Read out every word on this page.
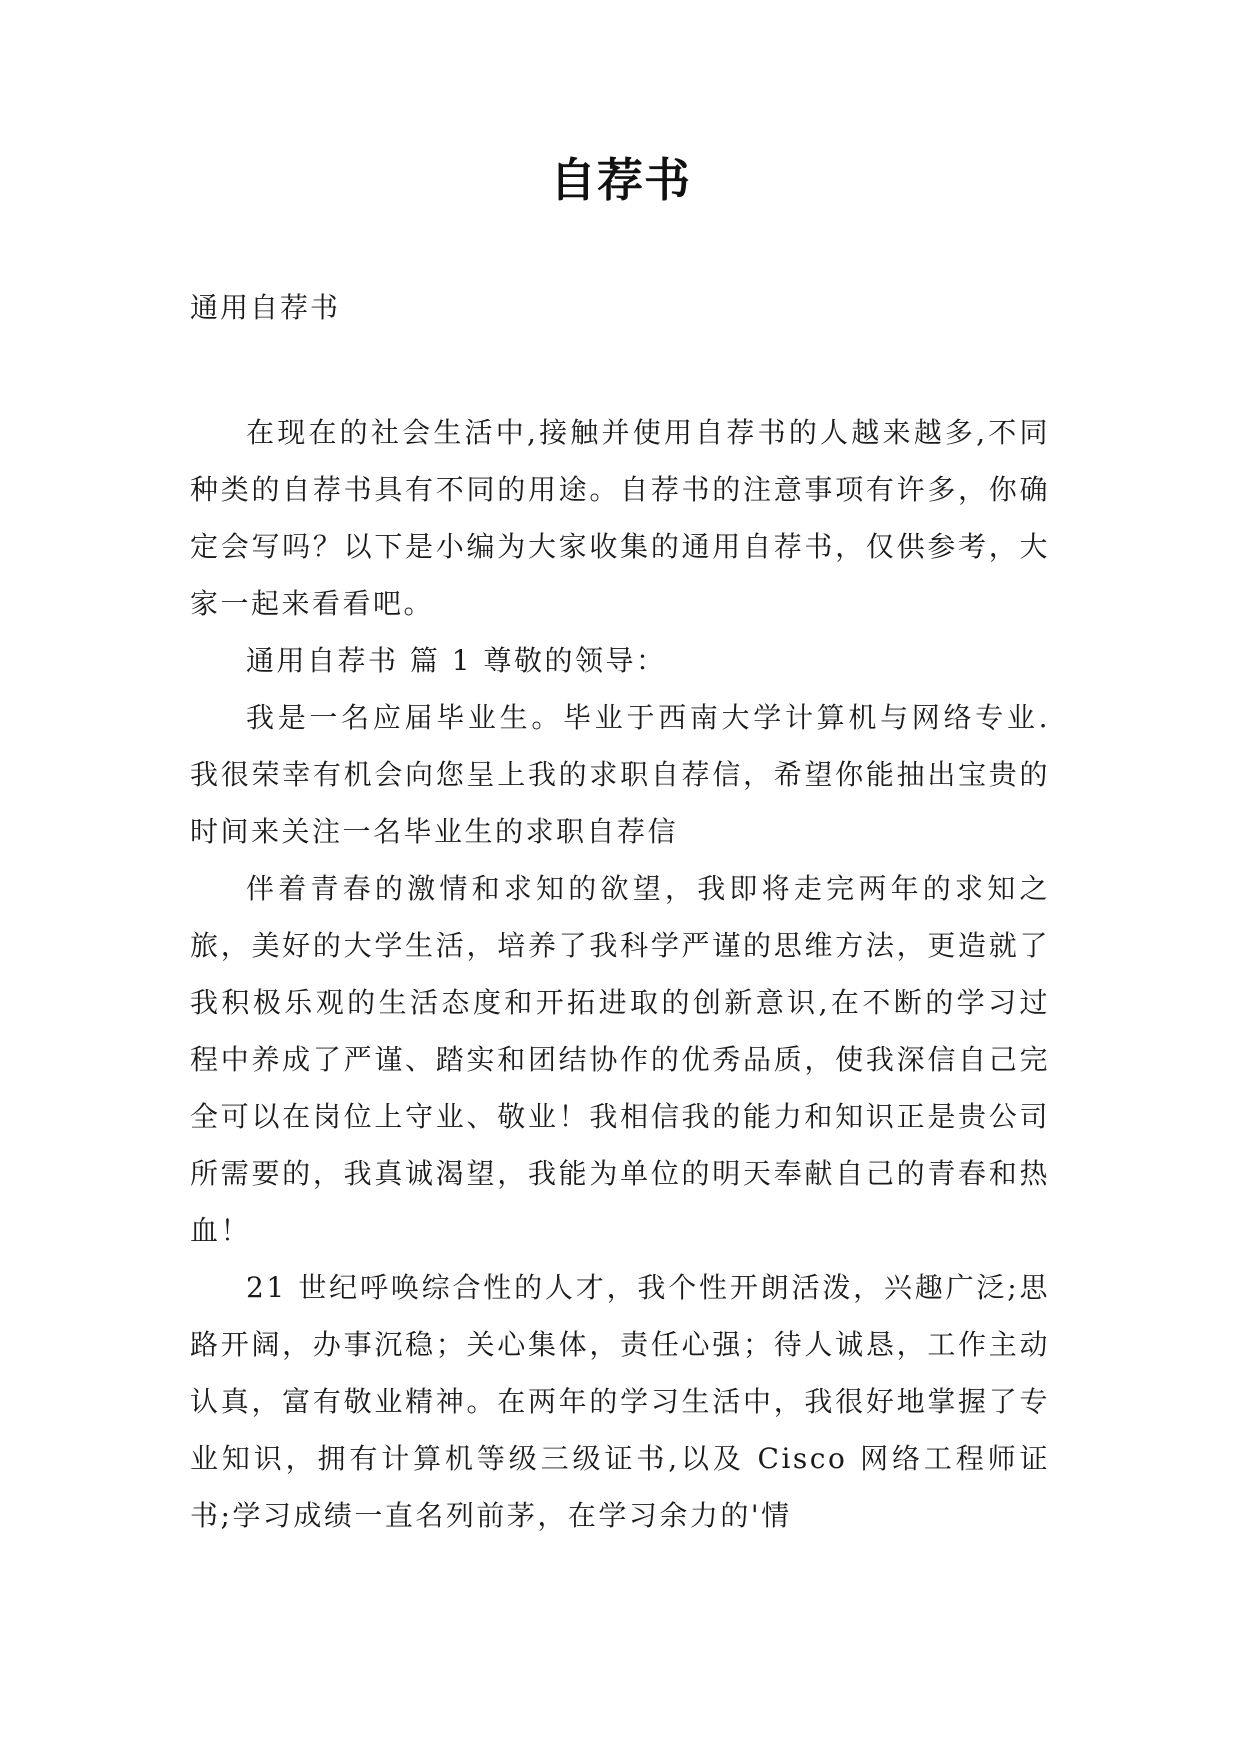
自荐书
通用自荐书

在现在的社会生活中,接触并使用自荐书的人越来越多,不同种类的自荐书具有不同的用途。自荐书的注意事项有许多，你确定会写吗？以下是小编为大家收集的通用自荐书，仅供参考，大家一起来看看吧。

通用自荐书 篇 1 尊敬的领导：

我是一名应届毕业生。毕业于西南大学计算机与网络专业.我很荣幸有机会向您呈上我的求职自荐信，希望你能抽出宝贵的时间来关注一名毕业生的求职自荐信

伴着青春的激情和求知的欲望，我即将走完两年的求知之旅，美好的大学生活，培养了我科学严谨的思维方法，更造就了我积极乐观的生活态度和开拓进取的创新意识,在不断的学习过程中养成了严谨、踏实和团结协作的优秀品质，使我深信自己完全可以在岗位上守业、敬业！我相信我的能力和知识正是贵公司所需要的，我真诚渴望，我能为单位的明天奉献自己的青春和热血！

21 世纪呼唤综合性的人才，我个性开朗活泼，兴趣广泛;思路开阔，办事沉稳；关心集体，责任心强；待人诚恳，工作主动认真，富有敬业精神。在两年的学习生活中，我很好地掌握了专业知识，拥有计算机等级三级证书,以及 Cisco 网络工程师证书;学习成绩一直名列前茅，在学习余力的'情
